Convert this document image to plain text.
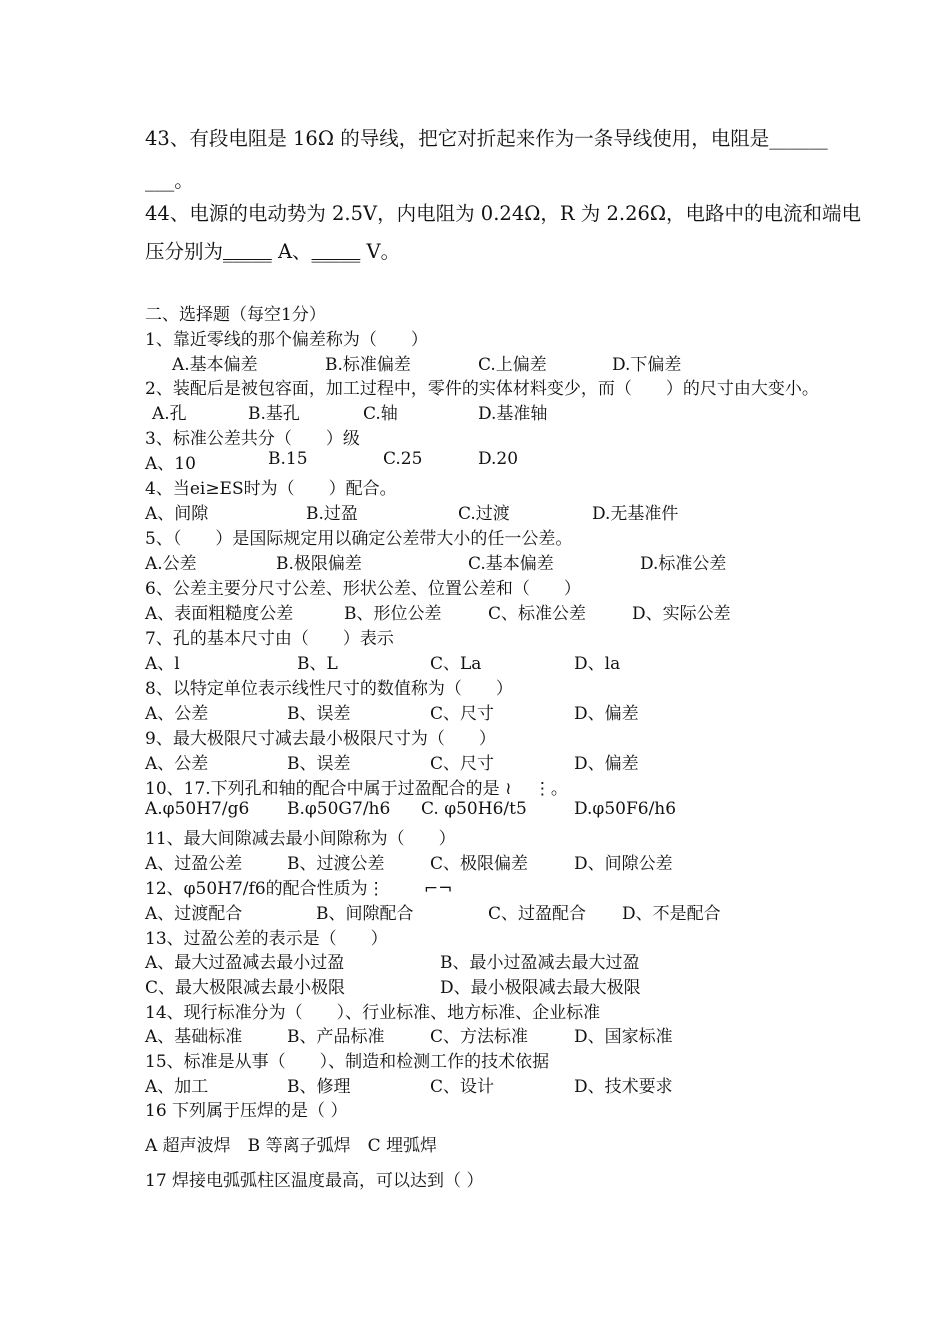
43、有段电阻是 16Ω 的导线，把它对折起来作为一条导线使用，电阻是______
___。
44、电源的电动势为 2.5V，内电阻为 0.24Ω，R 为 2.26Ω，电路中的电流和端电
压分别为_____ A、_____ V。
二、选择题（每空1分）
1、靠近零线的那个偏差称为（　　）
A.基本偏差	B.标准偏差	C.上偏差	D.下偏差
2、装配后是被包容面，加工过程中，零件的实体材料变少，而（　　）的尺寸由大变小。
A.孔	B.基孔	C.轴	D.基准轴
3、标准公差共分（　　）级
A、10	B.15	C.25	D.20
4、当ei≥ES时为（　　）配合。
A、间隙	B.过盈	C.过渡	D.无基准件
5、（　　）是国际规定用以确定公差带大小的任一公差。
A.公差	B.极限偏差	C.基本偏差	D.标准公差
6、公差主要分尺寸公差、形状公差、位置公差和（　　）
A、表面粗糙度公差	B、形位公差	C、标准公差	D、实际公差
7、孔的基本尺寸由（　　）表示
A、l	B、L	C、La	D、la
8、以特定单位表示线性尺寸的数值称为（　　）
A、公差	B、误差	C、尺寸	D、偏差
9、最大极限尺寸减去最小极限尺寸为（　　）
A、公差	B、误差	C、尺寸	D、偏差
10、17.下列孔和轴的配合中属于过盈配合的是 ≀　 ⋮。
A.φ50H7/g6 B.φ50G7/h6 C. φ50H6/t5	D.φ50F6/h6
11、最大间隙减去最小间隙称为（　　）
A、过盈公差	B、过渡公差	C、极限偏差	D、间隙公差
12、φ50H7/f6的配合性质为⋮　　 ⌐¬
A、过渡配合	B、间隙配合	C、过盈配合 D、不是配合
13、过盈公差的表示是（　　）
A、最大过盈减去最小过盈	B、最小过盈减去最大过盈
C、最大极限减去最小极限	D、最小极限减去最大极限
14、现行标准分为（　　）、行业标准、地方标准、企业标准
A、基础标准	B、产品标准	C、方法标准	D、国家标准
15、标准是从事（　　）、制造和检测工作的技术依据
A、加工	B、修理	C、设计	D、技术要求
16 下列属于压焊的是（ ）
A 超声波焊　B 等离子弧焊　C 埋弧焊
17 焊接电弧弧柱区温度最高，可以达到（ ）
